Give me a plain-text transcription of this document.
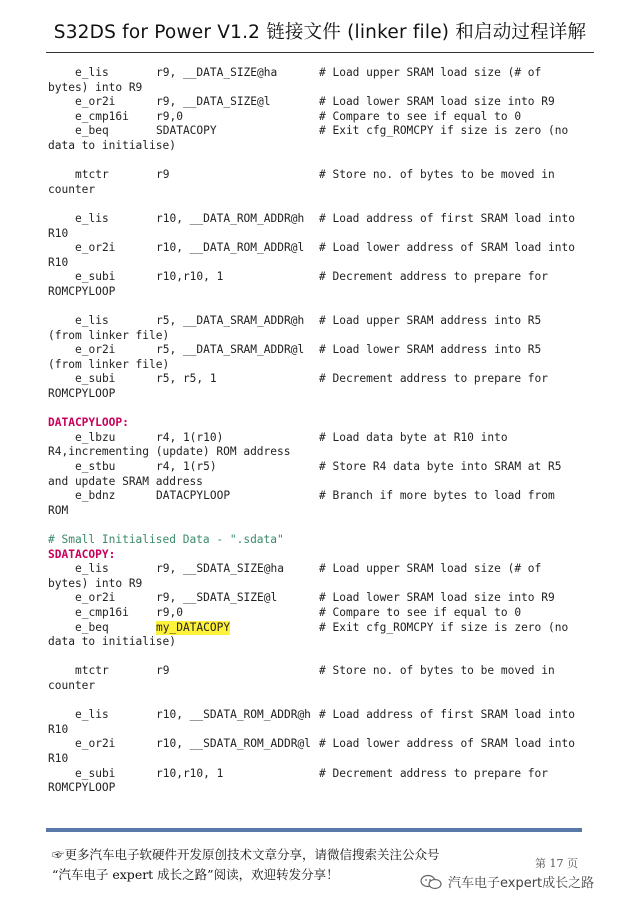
S32DS for Power V1.2 链接文件 (linker file) 和启动过程详解
e_lis	r9, __DATA_SIZE@ha	# Load upper SRAM load size (# of
bytes) into R9
e_or2i	r9, __DATA_SIZE@l	# Load lower SRAM load size into R9
e_cmp16i r9,0	# Compare to see if equal to 0
e_beq	SDATACOPY	# Exit cfg_ROMCPY if size is zero (no
data to initialise)
mtctr	r9	# Store no. of bytes to be moved in
counter
e_lis	r10, __DATA_ROM_ADDR@h # Load address of first SRAM load into
R10
e_or2i	r10, __DATA_ROM_ADDR@l # Load lower address of SRAM load into
R10
e_subi	r10,r10, 1	# Decrement address to prepare for
ROMCPYLOOP
e_lis	r5, __DATA_SRAM_ADDR@h # Load upper SRAM address into R5
(from linker file)
e_or2i	r5, __DATA_SRAM_ADDR@l # Load lower SRAM address into R5
(from linker file)
e_subi	r5, r5, 1	# Decrement address to prepare for
ROMCPYLOOP
DATACPYLOOP:
e_lbzu	r4, 1(r10)	# Load data byte at R10 into
R4,incrementing (update) ROM address
e_stbu	r4, 1(r5)	# Store R4 data byte into SRAM at R5
and update SRAM address
e_bdnz	DATACPYLOOP	# Branch if more bytes to load from
ROM
# Small Initialised Data - ".sdata"
SDATACOPY:
e_lis	r9, __SDATA_SIZE@ha	# Load upper SRAM load size (# of
bytes) into R9
e_or2i	r9, __SDATA_SIZE@l	# Load lower SRAM load size into R9
e_cmp16i r9,0	# Compare to see if equal to 0
e_beq	my_DATACOPY	# Exit cfg_ROMCPY if size is zero (no
data to initialise)
mtctr	r9	# Store no. of bytes to be moved in
counter
e_lis	r10, __SDATA_ROM_ADDR@h # Load address of first SRAM load into
R10
e_or2i	r10, __SDATA_ROM_ADDR@l # Load lower address of SRAM load into
R10
e_subi	r10,r10, 1	# Decrement address to prepare for
ROMCPYLOOP
☞更多汽车电子软硬件开发原创技术文章分享，请微信搜索关注公众号
“汽车电子 expert 成长之路”阅读，欢迎转发分享！
第 17 页
汽车电子expert成长之路
